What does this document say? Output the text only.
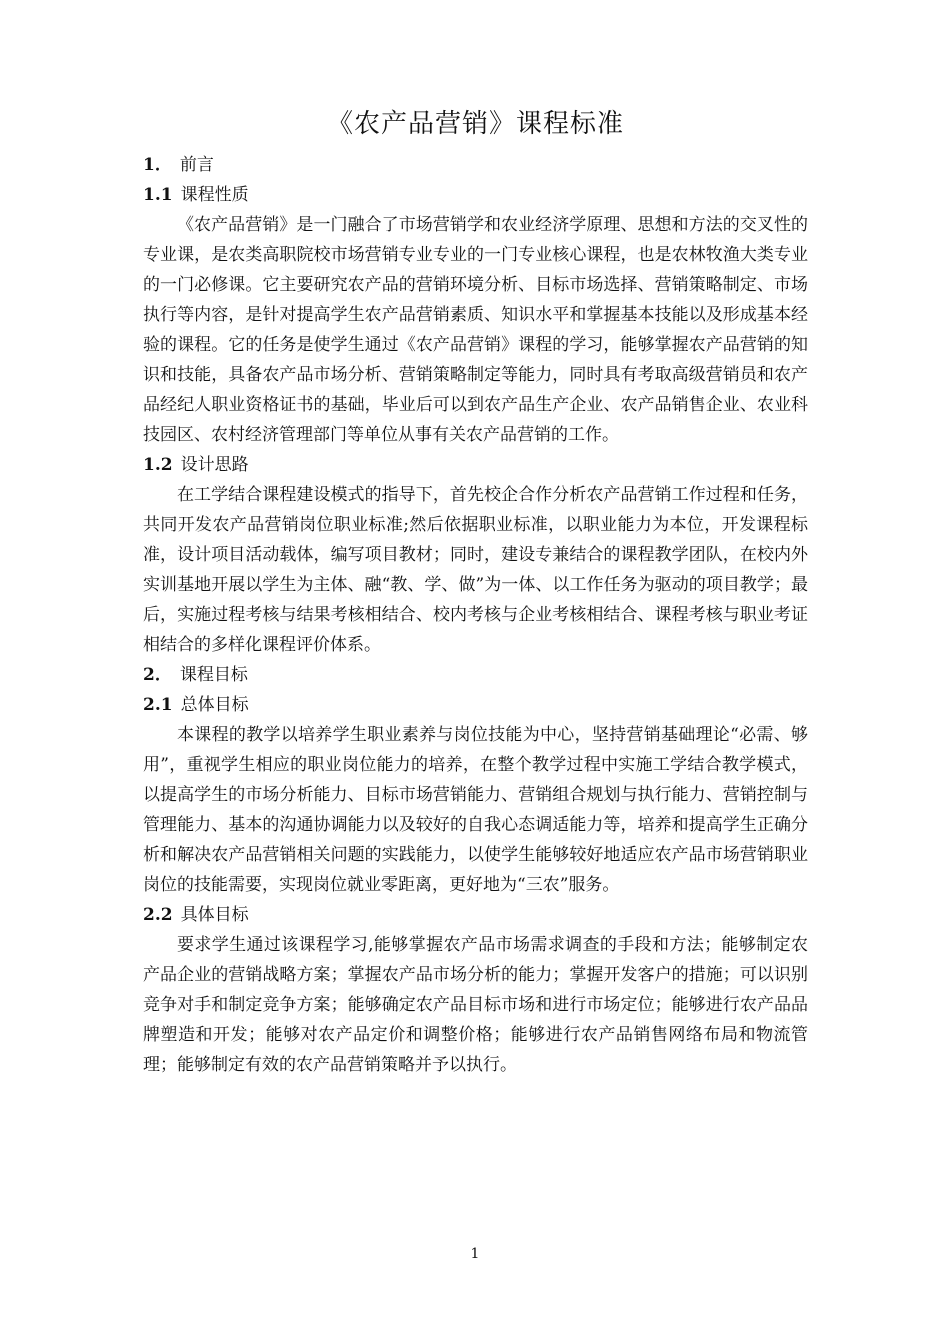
《农产品营销》课程标准
1． 前言
1.1 课程性质

《农产品营销》是一门融合了市场营销学和农业经济学原理、思想和方法的交叉性的专业课，是农类高职院校市场营销专业专业的一门专业核心课程，也是农林牧渔大类专业的一门必修课。它主要研究农产品的营销环境分析、目标市场选择、营销策略制定、市场执行等内容，是针对提高学生农产品营销素质、知识水平和掌握基本技能以及形成基本经验的课程。它的任务是使学生通过《农产品营销》课程的学习，能够掌握农产品营销的知识和技能，具备农产品市场分析、营销策略制定等能力，同时具有考取高级营销员和农产品经纪人职业资格证书的基础，毕业后可以到农产品生产企业、农产品销售企业、农业科技园区、农村经济管理部门等单位从事有关农产品营销的工作。

1.2 设计思路

在工学结合课程建设模式的指导下，首先校企合作分析农产品营销工作过程和任务，共同开发农产品营销岗位职业标准;然后依据职业标准，以职业能力为本位，开发课程标准，设计项目活动载体，编写项目教材；同时，建设专兼结合的课程教学团队，在校内外实训基地开展以学生为主体、融“教、学、做”为一体、以工作任务为驱动的项目教学；最后，实施过程考核与结果考核相结合、校内考核与企业考核相结合、课程考核与职业考证相结合的多样化课程评价体系。

2． 课程目标
2.1 总体目标

本课程的教学以培养学生职业素养与岗位技能为中心，坚持营销基础理论“必需、够用”，重视学生相应的职业岗位能力的培养，在整个教学过程中实施工学结合教学模式，以提高学生的市场分析能力、目标市场营销能力、营销组合规划与执行能力、营销控制与管理能力、基本的沟通协调能力以及较好的自我心态调适能力等，培养和提高学生正确分析和解决农产品营销相关问题的实践能力，以使学生能够较好地适应农产品市场营销职业岗位的技能需要，实现岗位就业零距离，更好地为“三农”服务。

2.2 具体目标

要求学生通过该课程学习,能够掌握农产品市场需求调查的手段和方法；能够制定农产品企业的营销战略方案；掌握农产品市场分析的能力；掌握开发客户的措施；可以识别竞争对手和制定竞争方案；能够确定农产品目标市场和进行市场定位；能够进行农产品品牌塑造和开发；能够对农产品定价和调整价格；能够进行农产品销售网络布局和物流管理；能够制定有效的农产品营销策略并予以执行。

1
